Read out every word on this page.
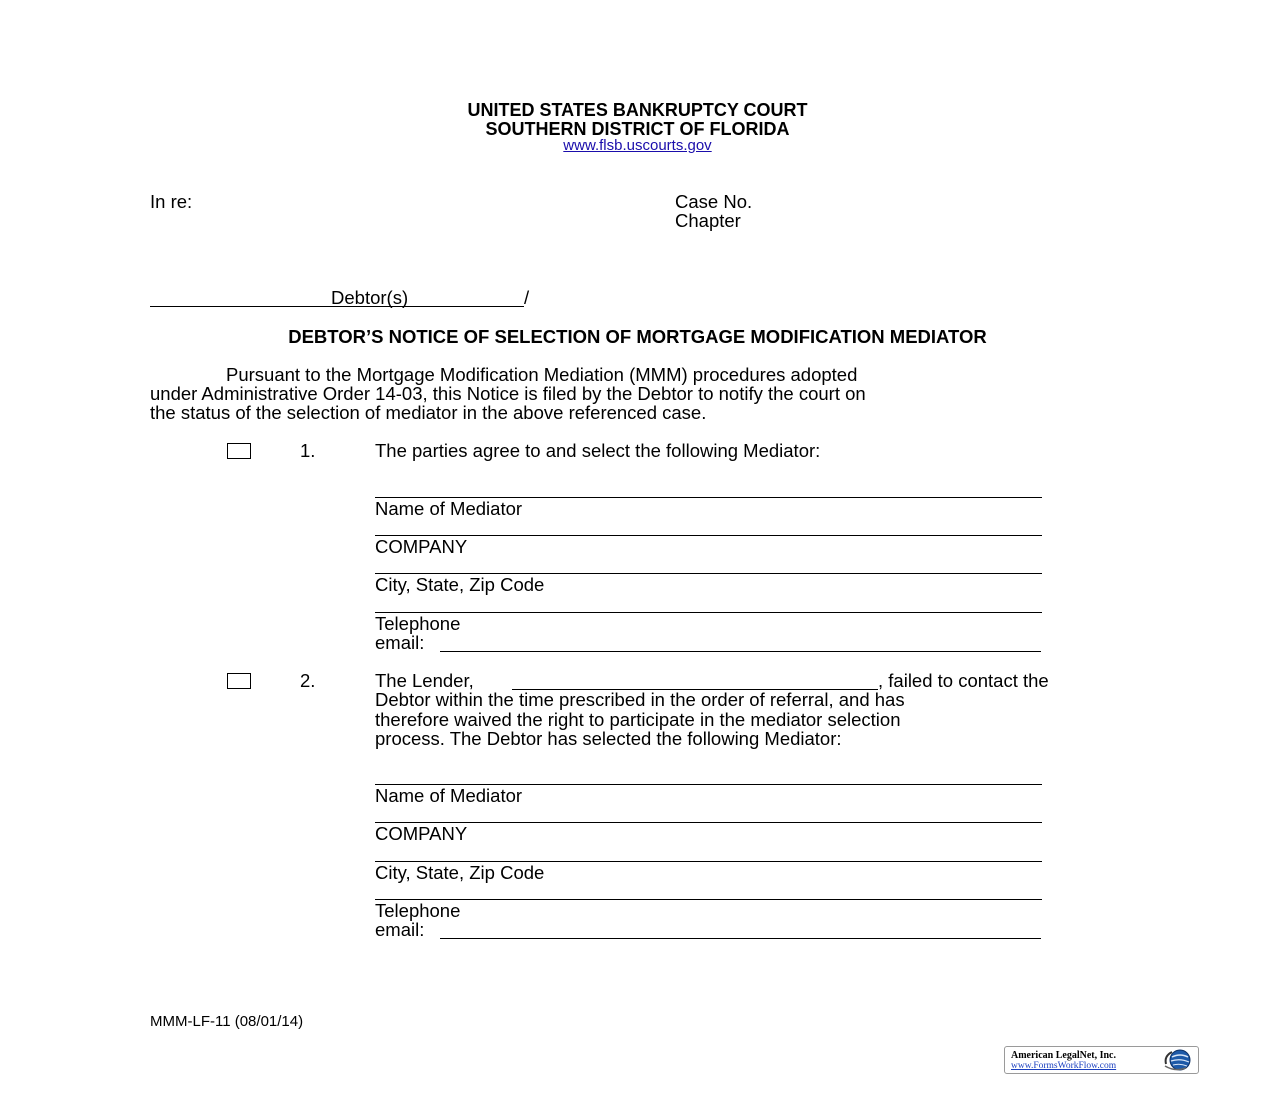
UNITED STATES BANKRUPTCY COURT
SOUTHERN DISTRICT OF FLORIDA
www.flsb.uscourts.gov
In re:	Case No.
Chapter
Debtor(s)	/
DEBTOR’S NOTICE OF SELECTION OF MORTGAGE MODIFICATION MEDIATOR
Pursuant to the Mortgage Modification Mediation (MMM) procedures adopted
under Administrative Order 14-03, this Notice is filed by the Debtor to notify the court on
the status of the selection of mediator in the above referenced case.
1.	The parties agree to and select the following Mediator:
Name of Mediator
COMPANY
City, State, Zip Code
Telephone
email:
2.	The Lender,	, failed to contact the
Debtor within the time prescribed in the order of referral, and has
therefore waived the right to participate in the mediator selection
process. The Debtor has selected the following Mediator:
Name of Mediator
COMPANY
City, State, Zip Code
Telephone
email:
MMM-LF-11 (08/01/14)
American LegalNet, Inc.
www.FormsWorkFlow.com
